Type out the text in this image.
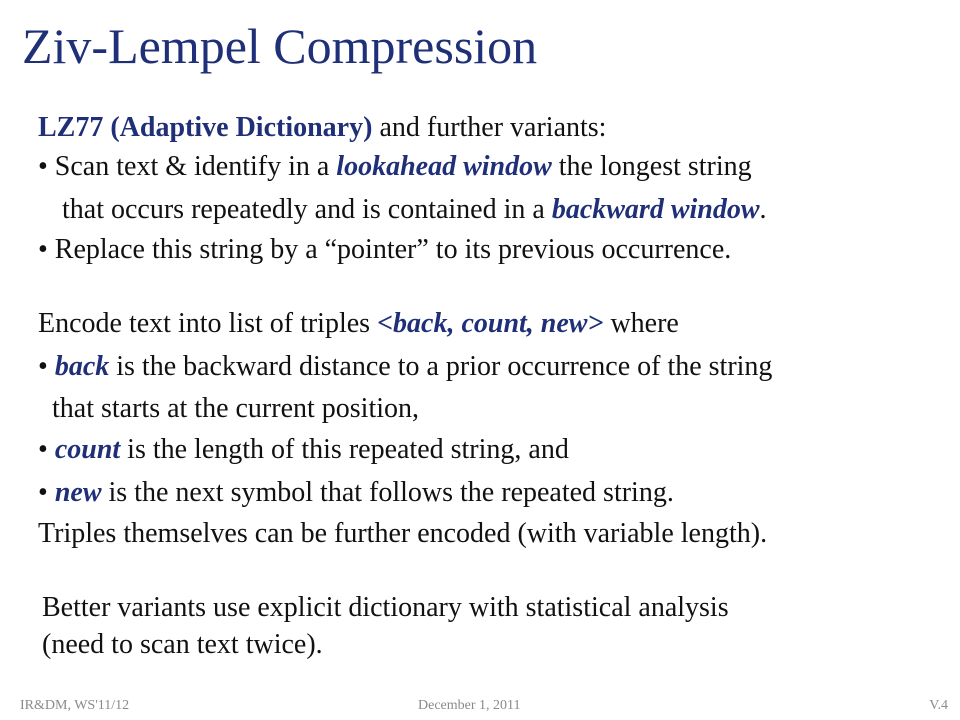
Ziv-Lempel Compression
LZ77 (Adaptive Dictionary) and further variants:
• Scan text & identify in a lookahead window the longest string
that occurs repeatedly and is contained in a backward window.
• Replace this string by a “pointer” to its previous occurrence.
Encode text into list of triples <back, count, new> where
• back is the backward distance to a prior occurrence of the string
that starts at the current position,
• count is the length of this repeated string, and
• new is the next symbol that follows the repeated string.
Triples themselves can be further encoded (with variable length).
Better variants use explicit dictionary with statistical analysis
(need to scan text twice).
IR&DM, WS'11/12	December 1, 2011	V.4
